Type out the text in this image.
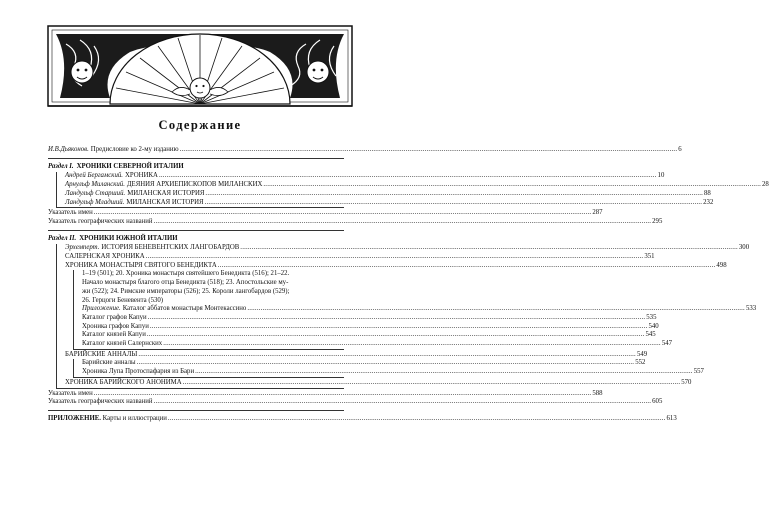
Содержание
И.В.Дьяконов. Предисловие ко 2-му изданию .....	6
Раздел I. ХРОНИКИ СЕВЕРНОЙ ИТАЛИИ
Андрей Бергамский. ХРОНИКА .....	10
Арнульф Миланский. ДЕЯНИЯ АРХИЕПИСКОПОВ МИЛАНСКИХ .....	28
Ландульф Старший. МИЛАНСКАЯ ИСТОРИЯ .....	88
Ландульф Младший. МИЛАНСКАЯ ИСТОРИЯ .....	232
Указатель имен .....	287
Указатель географических названий .....	295
Раздел II. ХРОНИКИ ЮЖНОЙ ИТАЛИИ
Эрхемперт. ИСТОРИЯ БЕНЕВЕНТСКИХ ЛАНГОБАРДОВ .....	300
САЛЕРНСКАЯ ХРОНИКА .....	351
ХРОНИКА МОНАСТЫРЯ СВЯТОГО БЕНЕДИКТА .....	498
1–19 (501); 20. Хроника монастыря святейшего Бенедикта (516); 21–22.
Начало монастыря благого отца Бенедикта (518); 23. Апостольские му-
жи (522); 24. Римские императоры (526); 25. Короли лангобардов (529);
26. Герцоги Беневента (530)
Приложение. Каталог аббатов монастыря Монтекассино .....	533
Каталог графов Капуи .....	535
Хроника графов Капуи .....	540
Каталог князей Капуи .....	545
Каталог князей Салернских .....	547
БАРИЙСКИЕ АННАЛЫ .....	549
Барийские анналы .....	552
Хроника Лупа Протоспафария из Бари .....	557
ХРОНИКА БАРИЙСКОГО АНОНИМА .....	570
Указатель имен .....	588
Указатель географических названий .....	605
ПРИЛОЖЕНИЕ. Карты и иллюстрации .....	613
